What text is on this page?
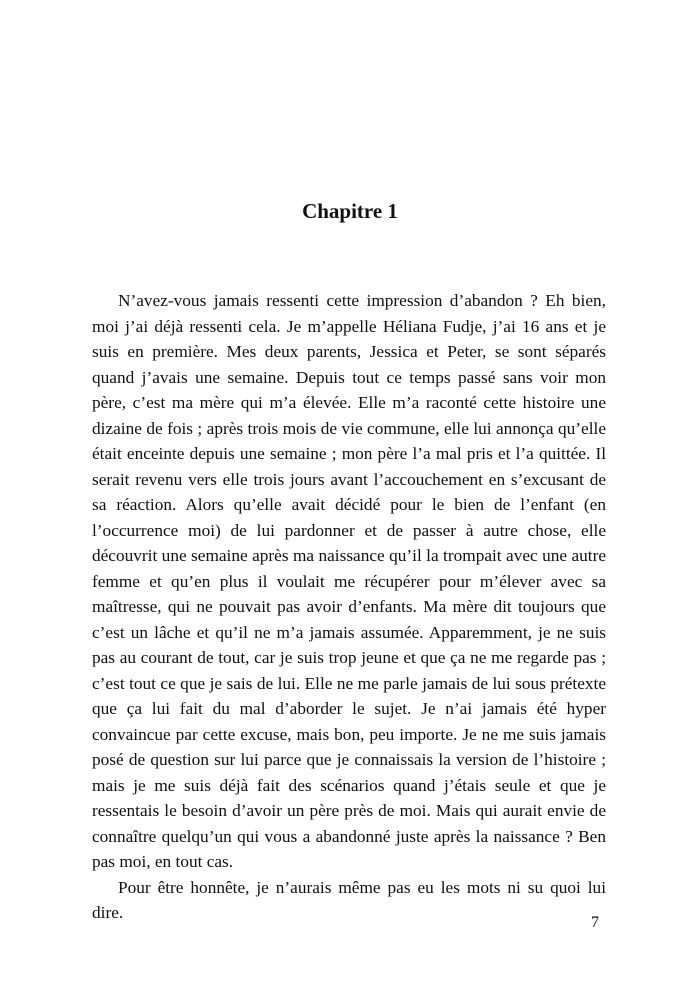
Chapitre 1

N’avez-vous jamais ressenti cette impression d’abandon ? Eh bien, moi j’ai déjà ressenti cela. Je m’appelle Héliana Fudje, j’ai 16 ans et je suis en première. Mes deux parents, Jessica et Peter, se sont séparés quand j’avais une semaine. Depuis tout ce temps passé sans voir mon père, c’est ma mère qui m’a élevée. Elle m’a raconté cette histoire une dizaine de fois ; après trois mois de vie commune, elle lui annonça qu’elle était enceinte depuis une semaine ; mon père l’a mal pris et l’a quittée. Il serait revenu vers elle trois jours avant l’accouchement en s’excusant de sa réaction. Alors qu’elle avait décidé pour le bien de l’enfant (en l’occurrence moi) de lui pardonner et de passer à autre chose, elle découvrit une semaine après ma naissance qu’il la trompait avec une autre femme et qu’en plus il voulait me récupérer pour m’élever avec sa maîtresse, qui ne pouvait pas avoir d’enfants. Ma mère dit toujours que c’est un lâche et qu’il ne m’a jamais assumée. Apparemment, je ne suis pas au courant de tout, car je suis trop jeune et que ça ne me regarde pas ; c’est tout ce que je sais de lui. Elle ne me parle jamais de lui sous prétexte que ça lui fait du mal d’aborder le sujet. Je n’ai jamais été hyper convaincue par cette excuse, mais bon, peu importe. Je ne me suis jamais posé de question sur lui parce que je connaissais la version de l’histoire ; mais je me suis déjà fait des scénarios quand j’étais seule et que je ressentais le besoin d’avoir un père près de moi. Mais qui aurait envie de connaître quelqu’un qui vous a abandonné juste après la naissance ? Ben pas moi, en tout cas.

Pour être honnête, je n’aurais même pas eu les mots ni su quoi lui dire.

7
